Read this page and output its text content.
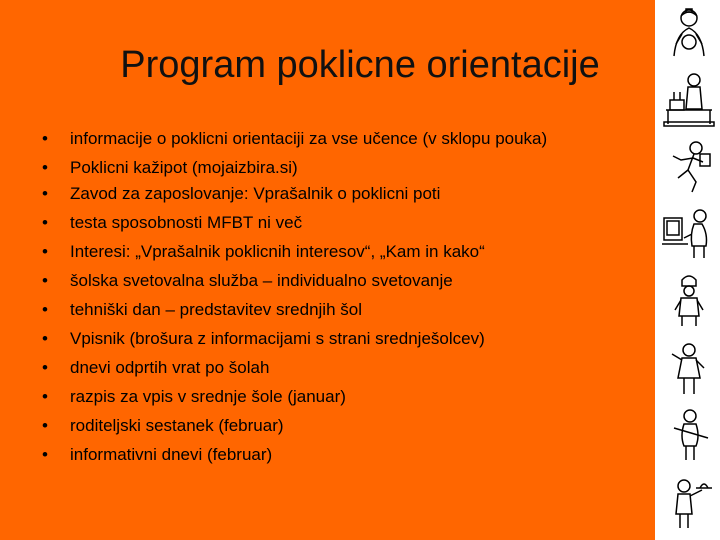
Program poklicne orientacije
• informacije o poklicni orientaciji za vse učence (v sklopu pouka)
• Poklicni kažipot (mojaizbira.si)
• Zavod za zaposlovanje: Vprašalnik o poklicni poti
• testa sposobnosti MFBT ni več
• Interesi: „Vprašalnik poklicnih interesov“, „Kam in kako“
• šolska svetovalna služba – individualno svetovanje
• tehniški dan – predstavitev srednjih šol
• Vpisnik (brošura z informacijami s strani srednješolcev)
• dnevi odprtih vrat po šolah
• razpis za vpis v srednje šole (januar)
• roditeljski sestanek (februar)
• informativni dnevi (februar)
